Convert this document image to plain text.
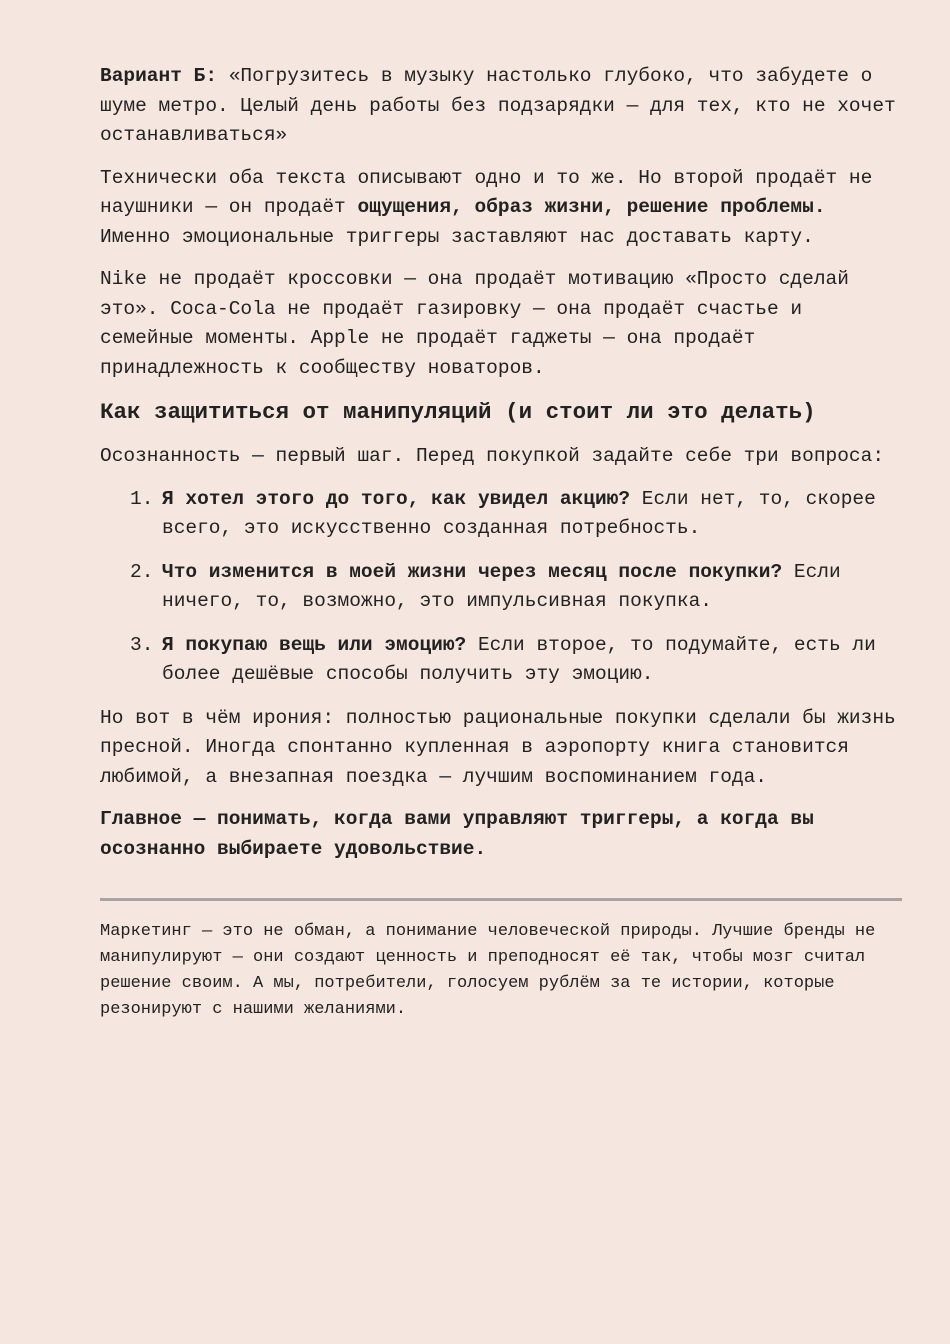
Вариант Б: «Погрузитесь в музыку настолько глубоко, что забудете о шуме метро. Целый день работы без подзарядки — для тех, кто не хочет останавливаться»

Технически оба текста описывают одно и то же. Но второй продаёт не наушники — он продаёт ощущения, образ жизни, решение проблемы. Именно эмоциональные триггеры заставляют нас доставать карту.

Nike не продаёт кроссовки — она продаёт мотивацию «Просто сделай это». Coca-Cola не продаёт газировку — она продаёт счастье и семейные моменты. Apple не продаёт гаджеты — она продаёт принадлежность к сообществу новаторов.

Как защититься от манипуляций (и стоит ли это делать)

Осознанность — первый шаг. Перед покупкой задайте себе три вопроса:

1. Я хотел этого до того, как увидел акцию? Если нет, то, скорее всего, это искусственно созданная потребность.
2. Что изменится в моей жизни через месяц после покупки? Если ничего, то, возможно, это импульсивная покупка.
3. Я покупаю вещь или эмоцию? Если второе, то подумайте, есть ли более дешёвые способы получить эту эмоцию.

Но вот в чём ирония: полностью рациональные покупки сделали бы жизнь пресной. Иногда спонтанно купленная в аэропорту книга становится любимой, а внезапная поездка — лучшим воспоминанием года.

Главное — понимать, когда вами управляют триггеры, а когда вы осознанно выбираете удовольствие.

Маркетинг — это не обман, а понимание человеческой природы. Лучшие бренды не манипулируют — они создают ценность и преподносят её так, чтобы мозг считал решение своим. А мы, потребители, голосуем рублём за те истории, которые резонируют с нашими желаниями.
